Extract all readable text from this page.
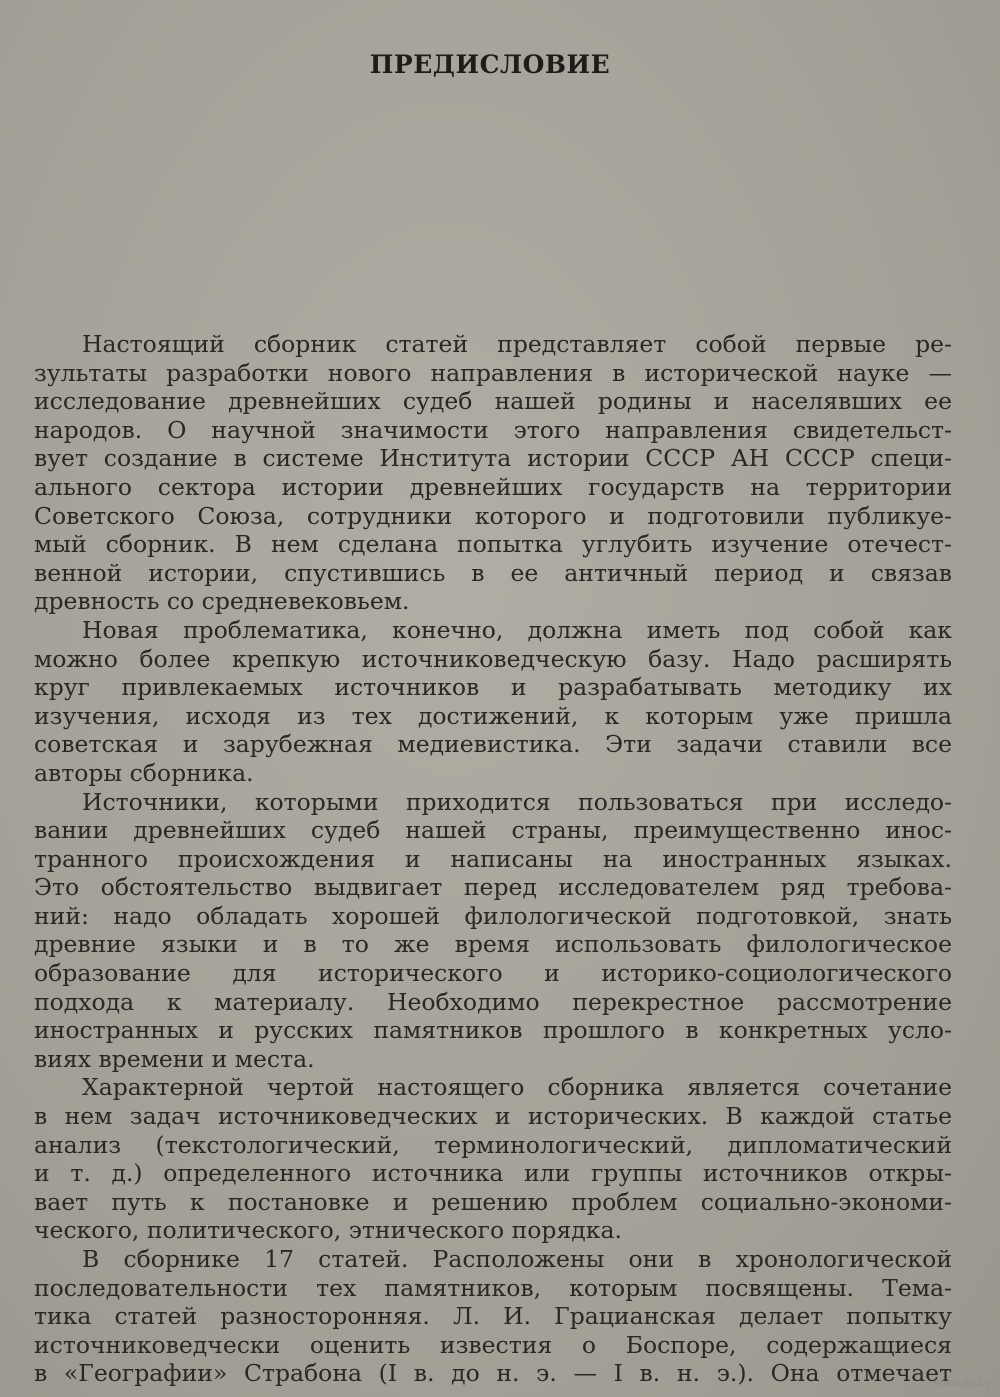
ПРЕДИСЛОВИЕ
Настоящий сборник статей представляет собой первые ре-
зультаты разработки нового направления в исторической науке —
исследование древнейших судеб нашей родины и населявших ее
народов. О научной значимости этого направления свидетельст-
вует создание в системе Института истории СССР АН СССР специ-
ального сектора истории древнейших государств на территории
Советского Союза, сотрудники которого и подготовили публикуе-
мый сборник. В нем сделана попытка углубить изучение отечест-
венной истории, спустившись в ее античный период и связав
древность со средневековьем.
Новая проблематика, конечно, должна иметь под собой как
можно более крепкую источниковедческую базу. Надо расширять
круг привлекаемых источников и разрабатывать методику их
изучения, исходя из тех достижений, к которым уже пришла
советская и зарубежная медиевистика. Эти задачи ставили все
авторы сборника.
Источники, которыми приходится пользоваться при исследо-
вании древнейших судеб нашей страны, преимущественно инос-
транного происхождения и написаны на иностранных языках.
Это обстоятельство выдвигает перед исследователем ряд требова-
ний: надо обладать хорошей филологической подготовкой, знать
древние языки и в то же время использовать филологическое
образование для исторического и историко-социологического
подхода к материалу. Необходимо перекрестное рассмотрение
иностранных и русских памятников прошлого в конкретных усло-
виях времени и места.
Характерной чертой настоящего сборника является сочетание
в нем задач источниковедческих и исторических. В каждой статье
анализ (текстологический, терминологический, дипломатический
и т. д.) определенного источника или группы источников откры-
вает путь к постановке и решению проблем социально-экономи-
ческого, политического, этнического порядка.
В сборнике 17 статей. Расположены они в хронологической
последовательности тех памятников, которым посвящены. Тема-
тика статей разносторонняя. Л. И. Грацианская делает попытку
источниковедчески оценить известия о Боспоре, содержащиеся
в «Географии» Страбона (I в. до н. э. — I в. н. э.). Она отмечает
www.ay.by
